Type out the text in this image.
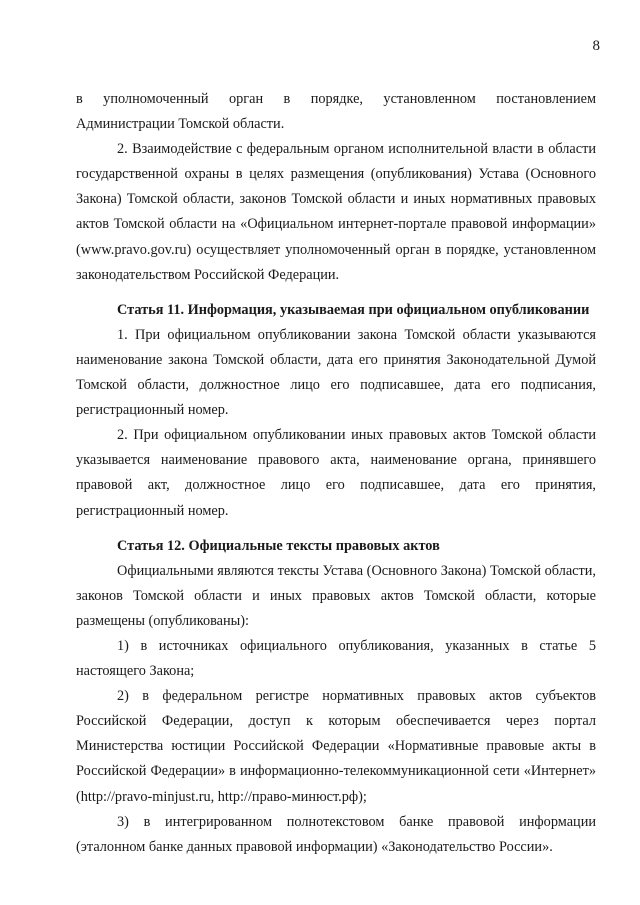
8

в уполномоченный орган в порядке, установленном постановлением Администрации Томской области.

2. Взаимодействие с федеральным органом исполнительной власти в области государственной охраны в целях размещения (опубликования) Устава (Основного Закона) Томской области, законов Томской области и иных нормативных правовых актов Томской области на «Официальном интернет-портале правовой информации» (www.pravo.gov.ru) осуществляет уполномоченный орган в порядке, установленном законодательством Российской Федерации.

Статья 11. Информация, указываемая при официальном опубликовании

1. При официальном опубликовании закона Томской области указываются наименование закона Томской области, дата его принятия Законодательной Думой Томской области, должностное лицо его подписавшее, дата его подписания, регистрационный номер.

2. При официальном опубликовании иных правовых актов Томской области указывается наименование правового акта, наименование органа, принявшего правовой акт, должностное лицо его подписавшее, дата его принятия, регистрационный номер.

Статья 12. Официальные тексты правовых актов

Официальными являются тексты Устава (Основного Закона) Томской области, законов Томской области и иных правовых актов Томской области, которые размещены (опубликованы):

1) в источниках официального опубликования, указанных в статье 5 настоящего Закона;

2) в федеральном регистре нормативных правовых актов субъектов Российской Федерации, доступ к которым обеспечивается через портал Министерства юстиции Российской Федерации «Нормативные правовые акты в Российской Федерации» в информационно-телекоммуникационной сети «Интернет» (http://pravo-minjust.ru, http://право-минюст.рф);

3) в интегрированном полнотекстовом банке правовой информации (эталонном банке данных правовой информации) «Законодательство России».
